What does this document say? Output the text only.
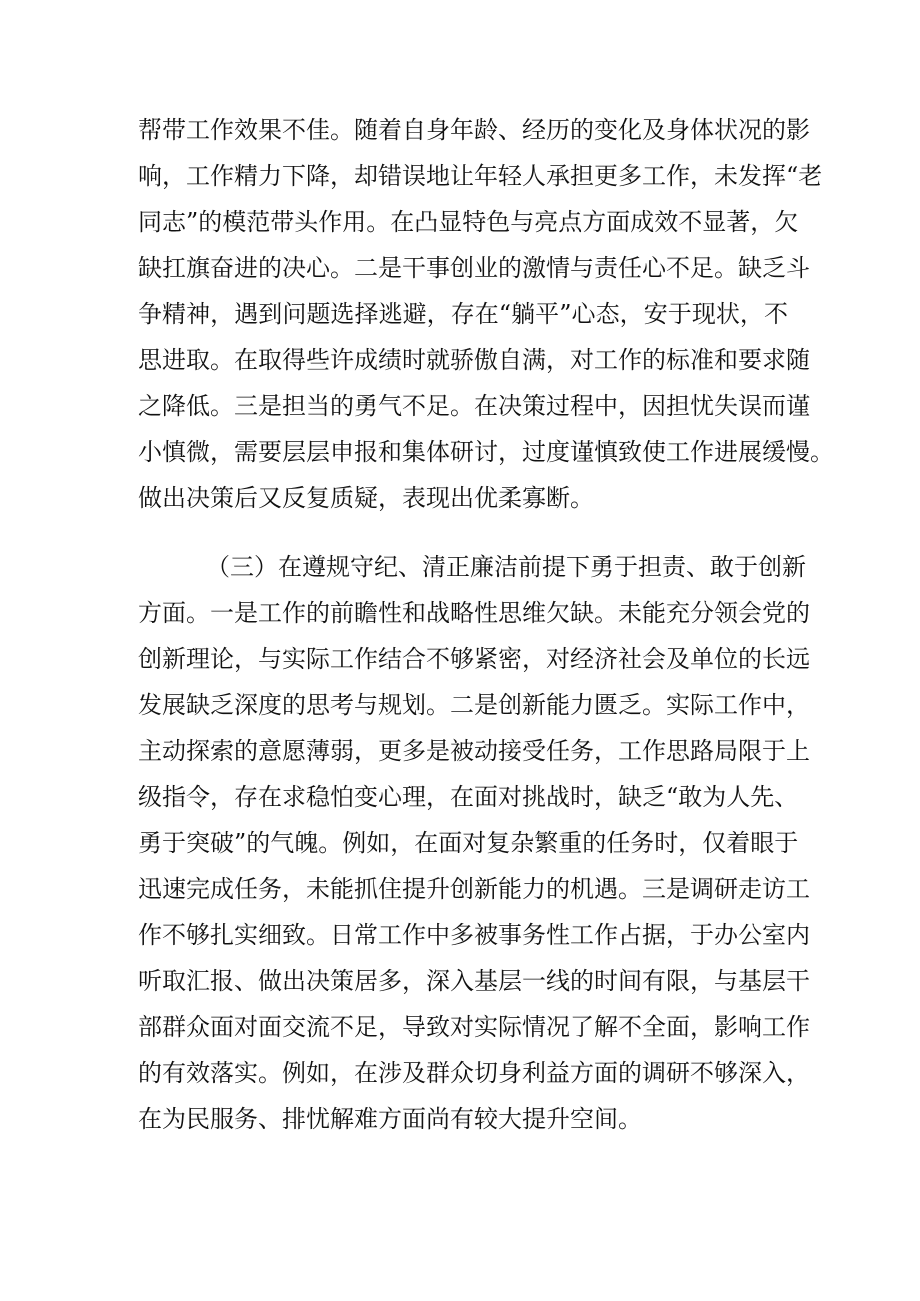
帮带工作效果不佳。随着自身年龄、经历的变化及身体状况的影
响，工作精力下降，却错误地让年轻人承担更多工作，未发挥“老
同志”的模范带头作用。在凸显特色与亮点方面成效不显著，欠
缺扛旗奋进的决心。二是干事创业的激情与责任心不足。缺乏斗
争精神，遇到问题选择逃避，存在“躺平”心态，安于现状，不
思进取。在取得些许成绩时就骄傲自满，对工作的标准和要求随
之降低。三是担当的勇气不足。在决策过程中，因担忧失误而谨
小慎微，需要层层申报和集体研讨，过度谨慎致使工作进展缓慢。
做出决策后又反复质疑，表现出优柔寡断。
（三）在遵规守纪、清正廉洁前提下勇于担责、敢于创新
方面。一是工作的前瞻性和战略性思维欠缺。未能充分领会党的
创新理论，与实际工作结合不够紧密，对经济社会及单位的长远
发展缺乏深度的思考与规划。二是创新能力匮乏。实际工作中，
主动探索的意愿薄弱，更多是被动接受任务，工作思路局限于上
级指令，存在求稳怕变心理，在面对挑战时，缺乏“敢为人先、
勇于突破”的气魄。例如，在面对复杂繁重的任务时，仅着眼于
迅速完成任务，未能抓住提升创新能力的机遇。三是调研走访工
作不够扎实细致。日常工作中多被事务性工作占据，于办公室内
听取汇报、做出决策居多，深入基层一线的时间有限，与基层干
部群众面对面交流不足，导致对实际情况了解不全面，影响工作
的有效落实。例如，在涉及群众切身利益方面的调研不够深入，
在为民服务、排忧解难方面尚有较大提升空间。
